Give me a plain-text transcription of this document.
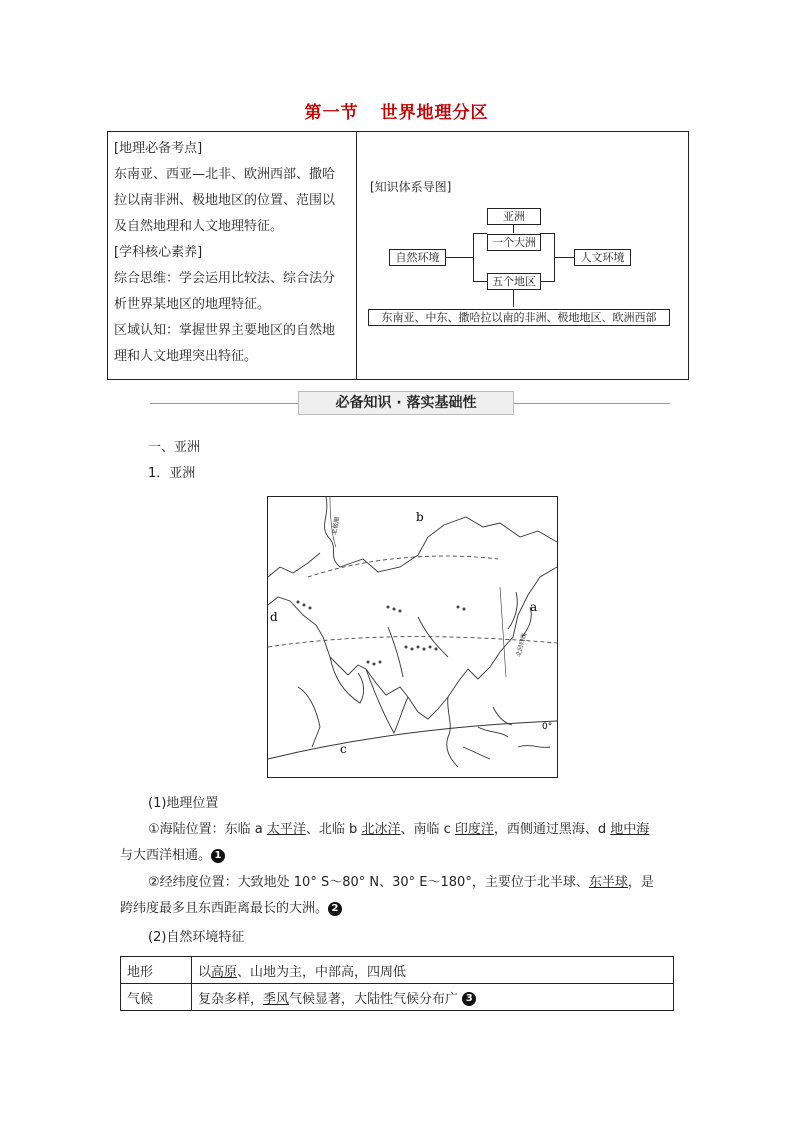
第一节 世界地理分区

[地理必备考点]

东南亚、西亚—北非、欧洲西部、撒哈

拉以南非洲、极地地区的位置、范围以

及自然地理和人文地理特征。

[学科核心素养]

综合思维：学会运用比较法、综合法分

析世界某地区的地理特征。

区域认知：掌握世界主要地区的自然地

理和人文地理突出特征。

[知识体系导图]
亚洲
一个大洲
自然环境	人文环境
五个地区
东南亚、中东、撒哈拉以南的非洲、极地地区、欧洲西部
必备知识 · 落实基础性
一、亚洲
1．亚洲
b
a
d
c
0°
北极圈
北回归线
(1)地理位置
①海陆位置：东临 a 太平洋、北临 b 北冰洋、南临 c 印度洋，西侧通过黑海、d 地中海
与大西洋相通。 1
②经纬度位置：大致地处 10° S～80° N、30° E～180°，主要位于北半球、东半球，是
跨纬度最多且东西距离最长的大洲。 2
(2)自然环境特征
地形	以高原、山地为主，中部高，四周低
气候	复杂多样，季风气候显著，大陆性气候分布广 3
